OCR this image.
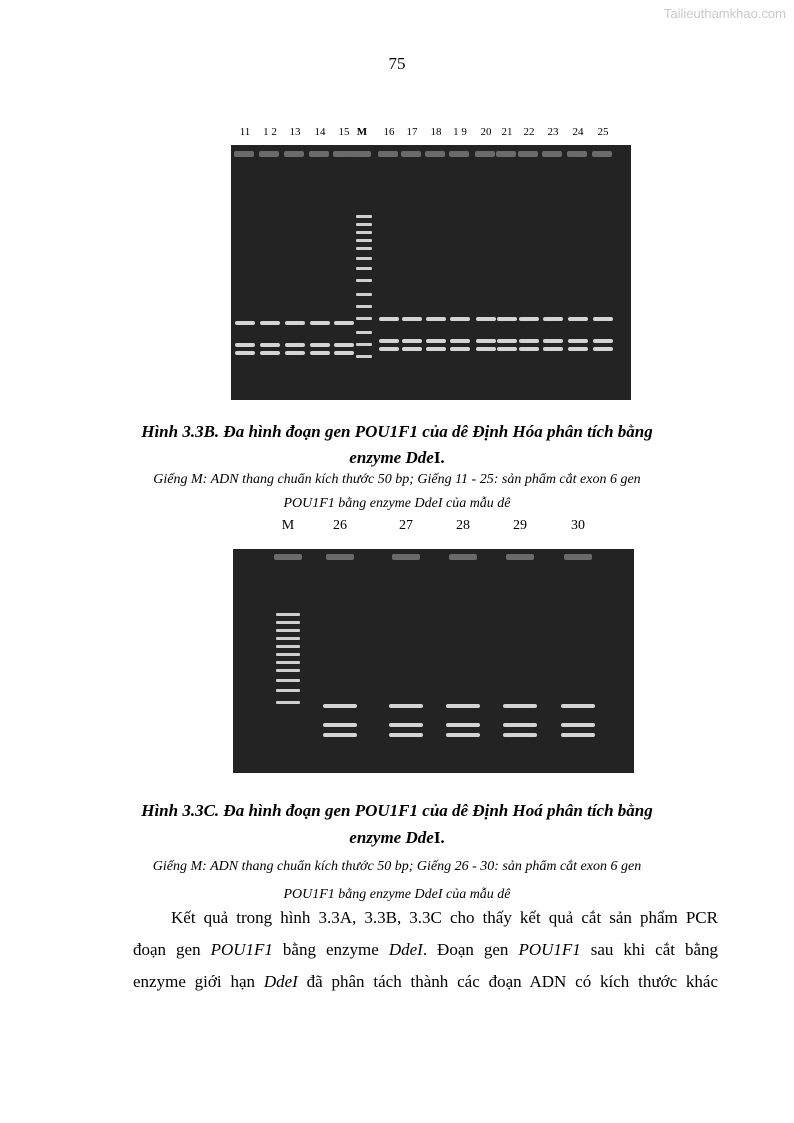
Tailieuthamkhao.com
75
11 1 2 13 14 15 M 16 17 18 1 9 20 21 22 23 24 25
Hình 3.3B. Đa hình đoạn gen POU1F1 của dê Định Hóa phân tích bằng
enzyme DdeI.
Giếng M: ADN thang chuẩn kích thước 50 bp; Giếng 11 - 25: sản phẩm cắt exon 6 gen
POU1F1 bằng enzyme DdeI của mẫu dê
M	26	27	28	29	30
Hình 3.3C. Đa hình đoạn gen POU1F1 của dê Định Hoá phân tích bằng
enzyme DdeI.
Giếng M: ADN thang chuẩn kích thước 50 bp; Giếng 26 - 30: sản phẩm cắt exon 6 gen
POU1F1 bằng enzyme DdeI của mẫu dê
Kết quả trong hình 3.3A, 3.3B, 3.3C cho thấy kết quả cắt sản phẩm PCR
đoạn gen POU1F1 bằng enzyme DdeI. Đoạn gen POU1F1 sau khi cắt bằng
enzyme giới hạn DdeI đã phân tách thành các đoạn ADN có kích thước khác
